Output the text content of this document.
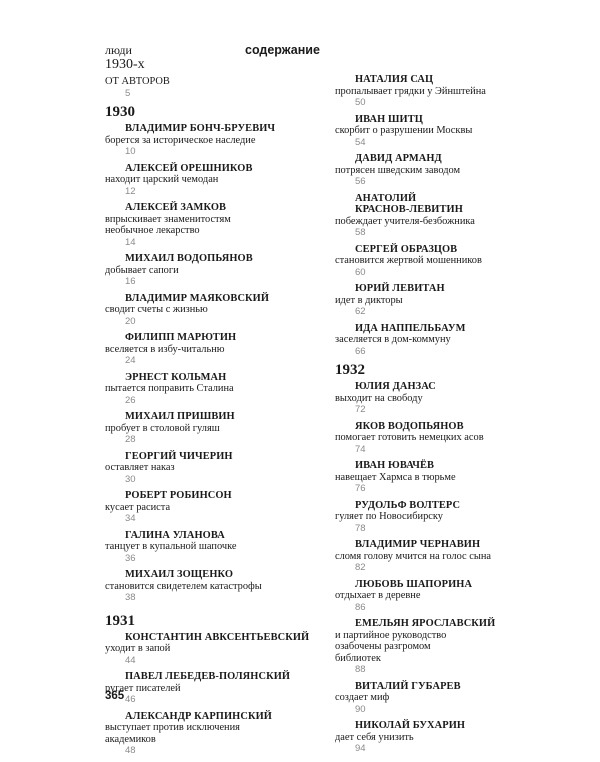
люди
1930-х
содержание
ОТ АВТОРОВ
5
1930
ВЛАДИМИР БОНЧ-БРУЕВИЧ
борется за историческое наследие
10
АЛЕКСЕЙ ОРЕШНИКОВ
находит царский чемодан
12
АЛЕКСЕЙ ЗАМКОВ
впрыскивает знаменитостям
необычное лекарство
14
МИХАИЛ ВОДОПЬЯНОВ
добывает сапоги
16
ВЛАДИМИР МАЯКОВСКИЙ
сводит счеты с жизнью
20
ФИЛИПП МАРЮТИН
вселяется в избу-читальню
24
ЭРНЕСТ КОЛЬМАН
пытается поправить Сталина
26
МИХАИЛ ПРИШВИН
пробует в столовой гуляш
28
ГЕОРГИЙ ЧИЧЕРИН
оставляет наказ
30
РОБЕРТ РОБИНСОН
кусает расиста
34
ГАЛИНА УЛАНОВА
танцует в купальной шапочке
36
МИХАИЛ ЗОЩЕНКО
становится свидетелем катастрофы
38
1931
КОНСТАНТИН АВКСЕНТЬЕВСКИЙ
уходит в запой
44
ПАВЕЛ ЛЕБЕДЕВ-ПОЛЯНСКИЙ
ругает писателей
46
АЛЕКСАНДР КАРПИНСКИЙ
выступает против исключения
академиков
48
НАТАЛИЯ САЦ
пропалывает грядки у Эйнштейна
50
ИВАН ШИТЦ
скорбит о разрушении Москвы
54
ДАВИД АРМАНД
потрясен шведским заводом
56
АНАТОЛИЙ
КРАСНОВ-ЛЕВИТИН
побеждает учителя-безбожника
58
СЕРГЕЙ ОБРАЗЦОВ
становится жертвой мошенников
60
ЮРИЙ ЛЕВИТАН
идет в дикторы
62
ИДА НАППЕЛЬБАУМ
заселяется в дом-коммуну
66
1932
ЮЛИЯ ДАНЗАС
выходит на свободу
72
ЯКОВ ВОДОПЬЯНОВ
помогает готовить немецких асов
74
ИВАН ЮВАЧЁВ
навещает Хармса в тюрьме
76
РУДОЛЬФ ВОЛТЕРС
гуляет по Новосибирску
78
ВЛАДИМИР ЧЕРНАВИН
сломя голову мчится на голос сына
82
ЛЮБОВЬ ШАПОРИНА
отдыхает в деревне
86
ЕМЕЛЬЯН ЯРОСЛАВСКИЙ
и партийное руководство
озабочены разгромом
библиотек
88
ВИТАЛИЙ ГУБАРЕВ
создает миф
90
НИКОЛАЙ БУХАРИН
дает себя унизить
94
365
